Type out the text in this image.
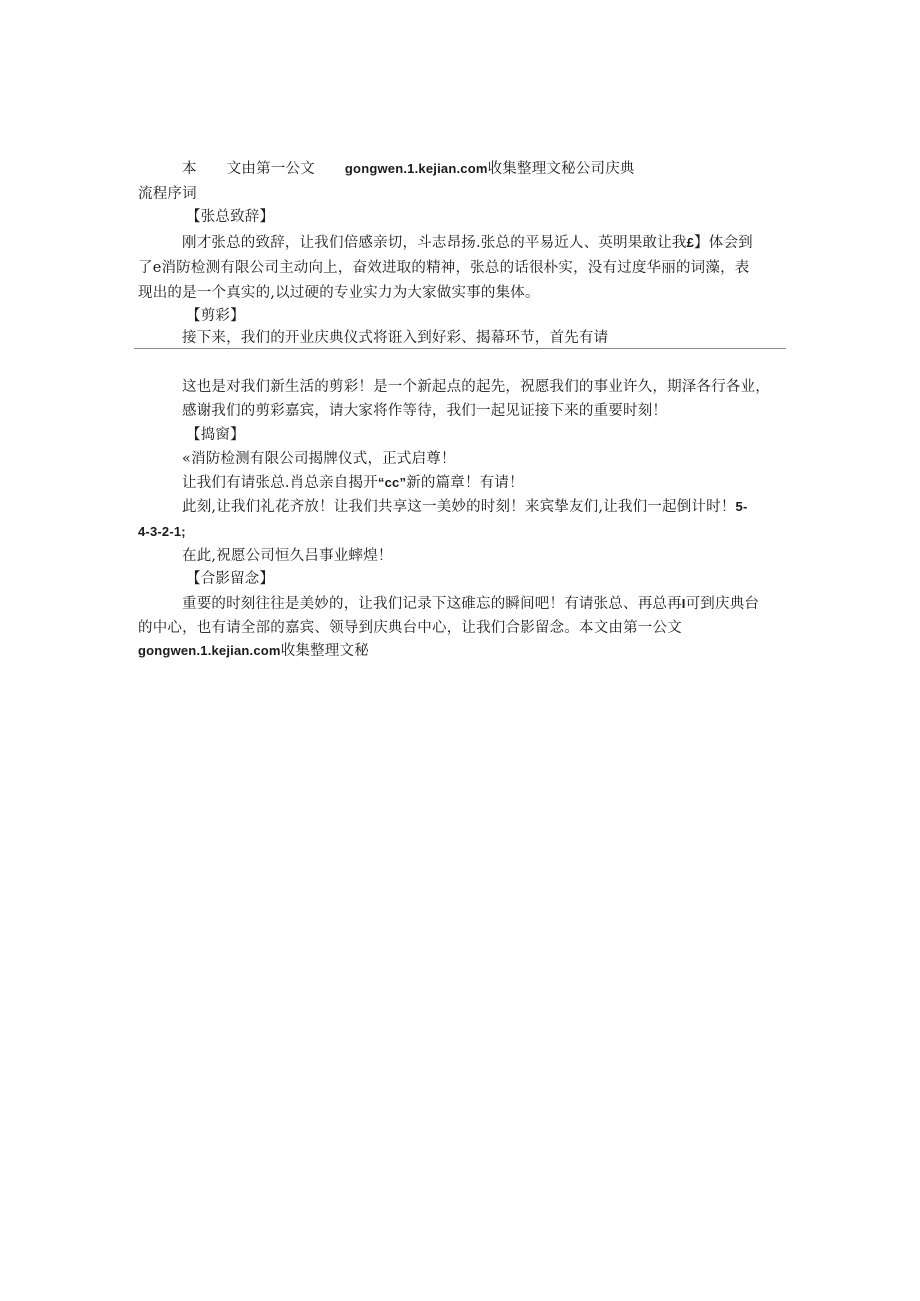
本 文由第一公文 gongwen.1.kejian.com收集整理文秘公司庆典
流程序词
【张总致辞】
刚才张总的致辞，让我们倍感亲切，斗志昂扬.张总的平易近人、英明果敢让我£】体会到
了e消防检测有限公司主动向上，奋效进取的精神，张总的话很朴实，没有过度华丽的词藻，表
现出的是一个真实的,以过硬的专业实力为大家做实事的集体。
【剪彩】
接下来，我们的开业庆典仪式将诳入到好彩、揭幕环节，首先有请
这也是对我们新生活的剪彩！是一个新起点的起先，祝愿我们的事业许久，期泽各行各业，
感谢我们的剪彩嘉宾，请大家将作等待，我们一起见证接下来的重要时刻！
【捣窗】
«消防检测有限公司揭牌仪式，正式启尊！
让我们有请张总.肖总亲自揭开“cc”新的篇章！有请！
此刻,让我们礼花齐放！让我们共享这一美妙的时刻！来宾挚友们,让我们一起倒计时！5-
4-3-2-1;
在此,祝愿公司恒久吕事业蟀煌！
【合影留念】
重要的时刻往往是美妙的，让我们记录下这碓忘的瞬间吧！有请张总、再总再I可到庆典台
的中心，也有请全部的嘉宾、领导到庆典台中心，让我们合影留念。本文由第一公文
gongwen.1.kejian.com收集整理文秘
